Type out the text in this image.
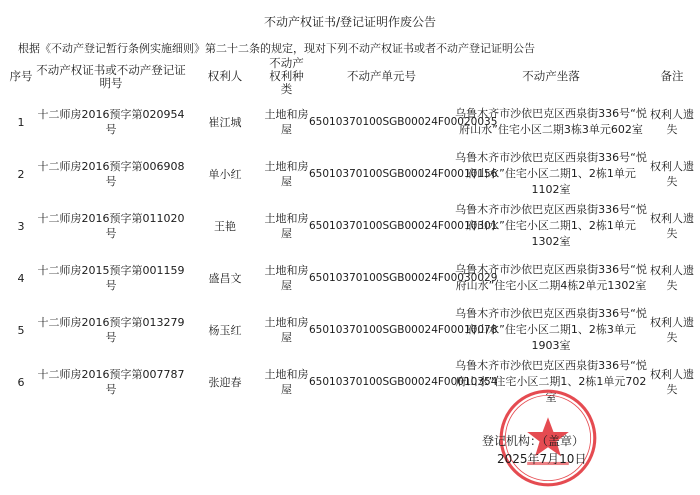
不动产权证书/登记证明作废公告
根据《不动产登记暂行条例实施细则》第二十二条的规定，现对下列不动产权证书或者不动产登记证明公告
序号	不动产权证书或不动产登记证明号	权利人	不动产权利种类	不动产单元号	不动产坐落	备注
1	十二师房2016预字第020954号	崔江城	土地和房屋	65010370100SGB00024F00020035	乌鲁木齐市沙依巴克区西泉街336号“悦府山水”住宅小区二期3栋3单元602室	权利人遗失
2	十二师房2016预字第006908号	单小红	土地和房屋	65010370100SGB00024F00010156	乌鲁木齐市沙依巴克区西泉街336号“悦府山水”住宅小区二期1、2栋1单元1102室	权利人遗失
3	十二师房2016预字第011020号	王艳	土地和房屋	65010370100SGB00024F00010301	乌鲁木齐市沙依巴克区西泉街336号“悦府山水”住宅小区二期1、2栋1单元1302室	权利人遗失
4	十二师房2015预字第001159号	盛昌文	土地和房屋	65010370100SGB00024F00030029	乌鲁木齐市沙依巴克区西泉街336号“悦府山水”住宅小区二期4栋2单元1302室	权利人遗失
5	十二师房2016预字第013279号	杨玉红	土地和房屋	65010370100SGB00024F00010078	乌鲁木齐市沙依巴克区西泉街336号“悦府山水”住宅小区二期1、2栋3单元1903室	权利人遗失
6	十二师房2016预字第007787号	张迎春	土地和房屋	65010370100SGB00024F00010354	乌鲁木齐市沙依巴克区西泉街336号“悦府山水”住宅小区二期1、2栋1单元702室	权利人遗失
登记机构：（盖章）
2025年7月10日
